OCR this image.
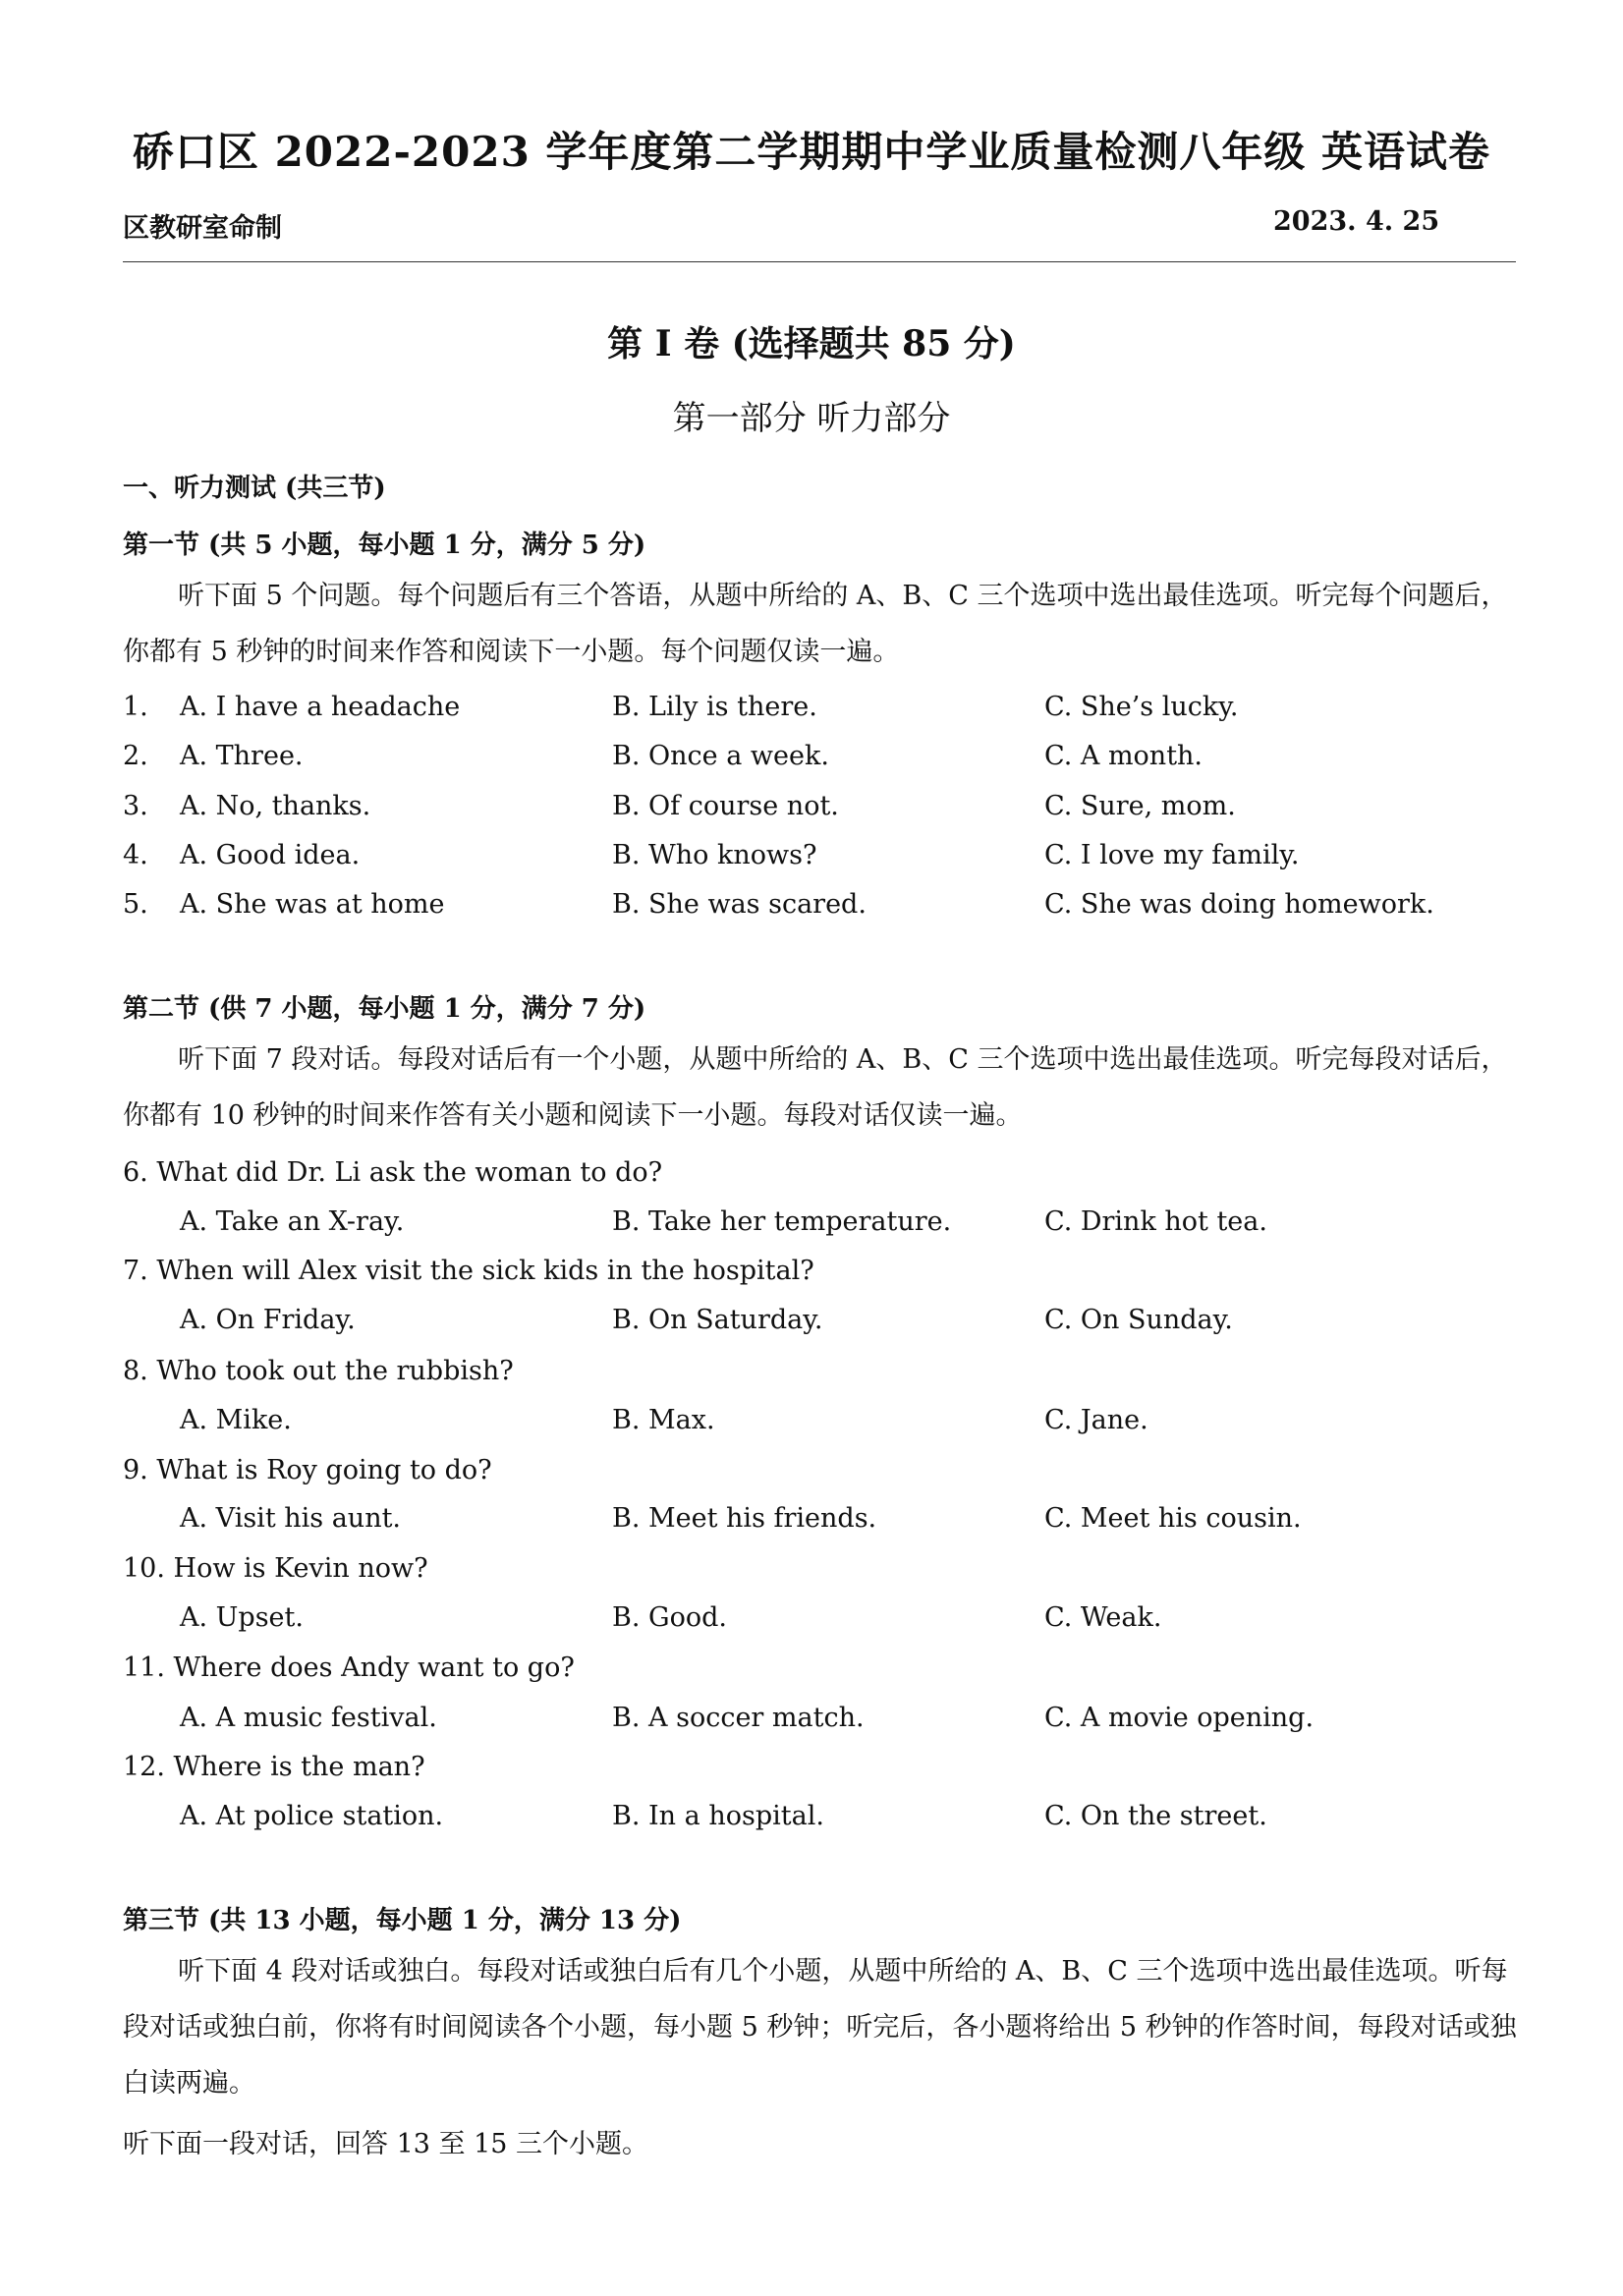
硚口区 2022-2023 学年度第二学期期中学业质量检测八年级 英语试卷
区教研室命制	2023. 4. 25
第 I 卷 (选择题共 85 分)
第一部分 听力部分
一、听力测试 (共三节)
第一节 (共 5 小题，每小题 1 分，满分 5 分)
听下面 5 个问题。每个问题后有三个答语，从题中所给的 A、B、C 三个选项中选出最佳选项。听完每个问题后，你都有 5 秒钟的时间来作答和阅读下一小题。每个问题仅读一遍。
1. A. I have a headache	B. Lily is there.	C. She’s lucky.
2. A. Three.	B. Once a week.	C. A month.
3. A. No, thanks.	B. Of course not.	C. Sure, mom.
4. A. Good idea.	B. Who knows?	C. I love my family.
5. A. She was at home	B. She was scared.	C. She was doing homework.
第二节 (供 7 小题，每小题 1 分，满分 7 分)
听下面 7 段对话。每段对话后有一个小题，从题中所给的 A、B、C 三个选项中选出最佳选项。听完每段对话后，你都有 10 秒钟的时间来作答有关小题和阅读下一小题。每段对话仅读一遍。
6. What did Dr. Li ask the woman to do?
A. Take an X-ray.	B. Take her temperature.	C. Drink hot tea.
7. When will Alex visit the sick kids in the hospital?
A. On Friday.	B. On Saturday.	C. On Sunday.
8. Who took out the rubbish?
A. Mike.	B. Max.	C. Jane.
9. What is Roy going to do?
A. Visit his aunt.	B. Meet his friends.	C. Meet his cousin.
10. How is Kevin now?
A. Upset.	B. Good.	C. Weak.
11. Where does Andy want to go?
A. A music festival.	B. A soccer match.	C. A movie opening.
12. Where is the man?
A. At police station.	B. In a hospital.	C. On the street.
第三节 (共 13 小题，每小题 1 分，满分 13 分)
听下面 4 段对话或独白。每段对话或独白后有几个小题，从题中所给的 A、B、C 三个选项中选出最佳选项。听每段对话或独白前，你将有时间阅读各个小题，每小题 5 秒钟；听完后，各小题将给出 5 秒钟的作答时间，每段对话或独白读两遍。
听下面一段对话，回答 13 至 15 三个小题。
